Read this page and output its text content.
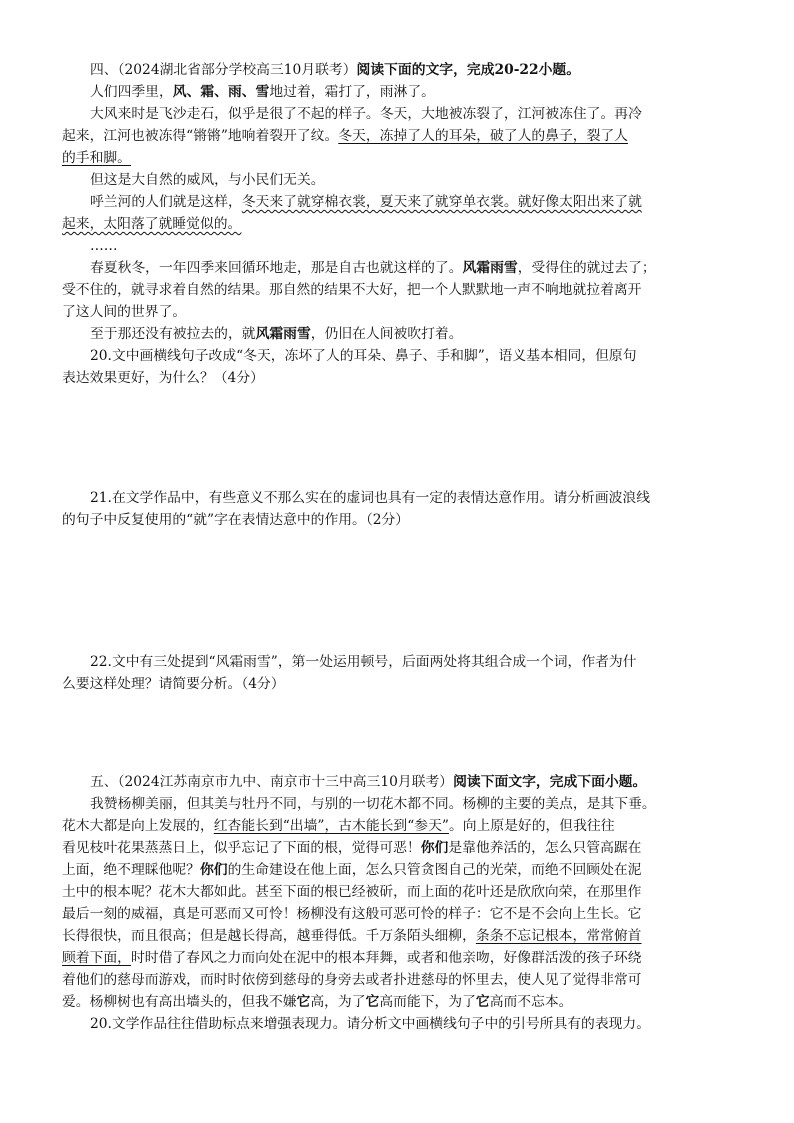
四、（2024湖北省部分学校高三10月联考）阅读下面的文字，完成20-22小题。
人们四季里，风、霜、雨、雪地过着，霜打了，雨淋了。
大风来时是飞沙走石，似乎是很了不起的样子。冬天，大地被冻裂了，江河被冻住了。再冷
起来，江河也被冻得“锵锵”地响着裂开了纹。冬天，冻掉了人的耳朵，破了人的鼻子，裂了人
的手和脚。
但这是大自然的威风，与小民们无关。
呼兰河的人们就是这样，冬天来了就穿棉衣裳，夏天来了就穿单衣裳。就好像太阳出来了就
起来，太阳落了就睡觉似的。
……
春夏秋冬，一年四季来回循环地走，那是自古也就这样的了。风霜雨雪，受得住的就过去了；
受不住的，就寻求着自然的结果。那自然的结果不大好，把一个人默默地一声不响地就拉着离开
了这人间的世界了。
至于那还没有被拉去的，就风霜雨雪，仍旧在人间被吹打着。
20.文中画横线句子改成“冬天，冻坏了人的耳朵、鼻子、手和脚”，语义基本相同，但原句
表达效果更好，为什么？（4分）
21.在文学作品中，有些意义不那么实在的虚词也具有一定的表情达意作用。请分析画波浪线
的句子中反复使用的“就”字在表情达意中的作用。（2分）
22.文中有三处提到“风霜雨雪”，第一处运用顿号，后面两处将其组合成一个词，作者为什
么要这样处理？请简要分析。（4分）
五、（2024江苏南京市九中、南京市十三中高三10月联考）阅读下面文字，完成下面小题。
我赞杨柳美丽，但其美与牡丹不同，与别的一切花木都不同。杨柳的主要的美点，是其下垂。
花木大都是向上发展的，红杏能长到“出墙”，古木能长到“参天”。向上原是好的，但我往往
看见枝叶花果蒸蒸日上，似乎忘记了下面的根，觉得可恶！你们是靠他养活的，怎么只管高踞在
上面，绝不理睬他呢？你们的生命建设在他上面，怎么只管贪图自己的光荣，而绝不回顾处在泥
土中的根本呢？花木大都如此。甚至下面的根已经被斫，而上面的花叶还是欣欣向荣，在那里作
最后一刻的威福，真是可恶而又可怜！杨柳没有这般可恶可怜的样子：它不是不会向上生长。它
长得很快，而且很高；但是越长得高，越垂得低。千万条陌头细柳，条条不忘记根本，常常俯首
顾着下面，时时借了春风之力而向处在泥中的根本拜舞，或者和他亲吻，好像群活泼的孩子环绕
着他们的慈母而游戏，而时时依傍到慈母的身旁去或者扑进慈母的怀里去，使人见了觉得非常可
爱。杨柳树也有高出墙头的，但我不嫌它高，为了它高而能下，为了它高而不忘本。
20.文学作品往往借助标点来增强表现力。请分析文中画横线句子中的引号所具有的表现力。
